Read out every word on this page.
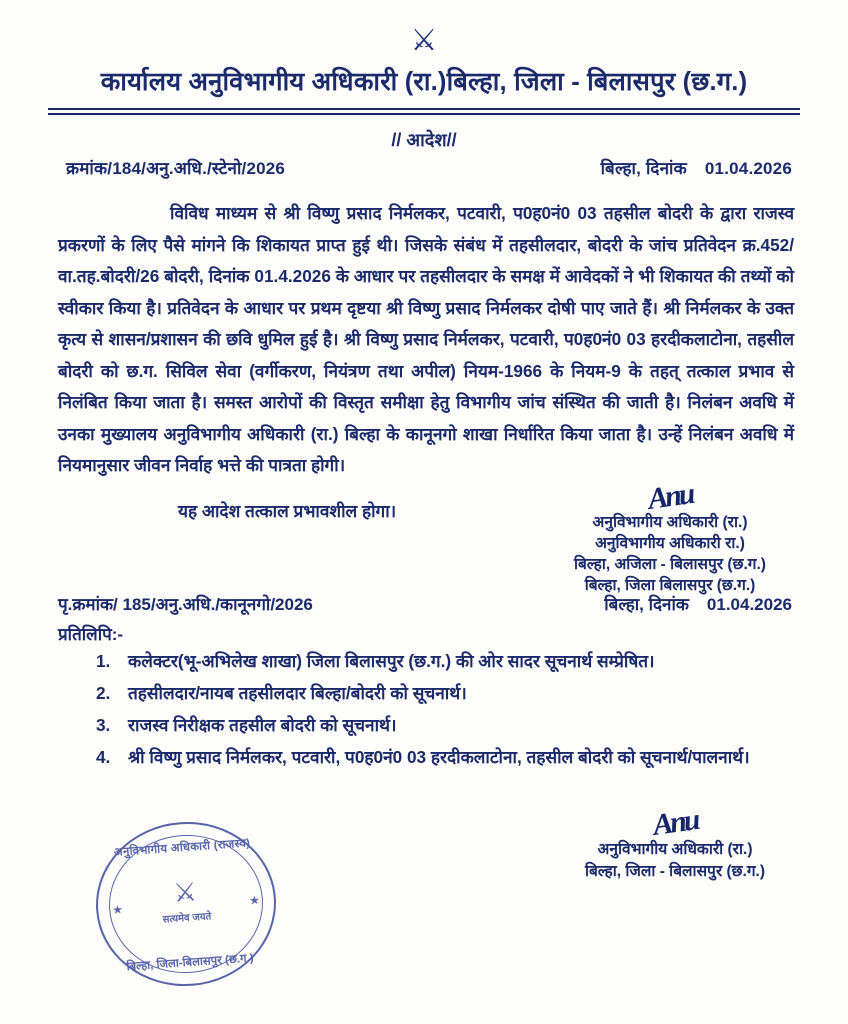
⚔
कार्यालय अनुविभागीय अधिकारी (रा.)बिल्हा, जिला - बिलासपुर (छ.ग.)
// आदेश//
क्रमांक/184/अनु.अधि./स्टेनो/2026	बिल्हा, दिनांक 01.04.2026
विविध माध्यम से श्री विष्णु प्रसाद निर्मलकर, पटवारी, प0ह0नं0 03 तहसील बोदरी के द्वारा राजस्व प्रकरणों के लिए पैसे मांगने कि शिकायत प्राप्त हुई थी। जिसके संबंध में तहसीलदार, बोदरी के जांच प्रतिवेदन क्र.452/वा.तह.बोदरी/26 बोदरी, दिनांक 01.4.2026 के आधार पर तहसीलदार के समक्ष में आवेदकों ने भी शिकायत की तथ्यों को स्वीकार किया है। प्रतिवेदन के आधार पर प्रथम दृष्टया श्री विष्णु प्रसाद निर्मलकर दोषी पाए जाते हैं। श्री निर्मलकर के उक्त कृत्य से शासन/प्रशासन की छवि धुमिल हुई है। श्री विष्णु प्रसाद निर्मलकर, पटवारी, प0ह0नं0 03 हरदीकलाटोना, तहसील बोदरी को छ.ग. सिविल सेवा (वर्गीकरण, नियंत्रण तथा अपील) नियम-1966 के नियम-9 के तहत् तत्काल प्रभाव से निलंबित किया जाता है। समस्त आरोपों की विस्तृत समीक्षा हेतु विभागीय जांच संस्थित की जाती है। निलंबन अवधि में उनका मुख्यालय अनुविभागीय अधिकारी (रा.) बिल्हा के कानूनगो शाखा निर्धारित किया जाता है। उन्हें निलंबन अवधि में नियमानुसार जीवन निर्वाह भत्ते की पात्रता होगी।
यह आदेश तत्काल प्रभावशील होगा।	Anu
अनुविभागीय अधिकारी (रा.)
अनुविभागीय अधिकारी रा.)
बिल्हा, अजिला - बिलासपुर (छ.ग.)
बिल्हा, जिला बिलासपुर (छ.ग.)
पृ.क्रमांक/ 185/अनु.अधि./कानूनगो/2026	बिल्हा, दिनांक 01.04.2026
प्रतिलिपि:-
1.	कलेक्टर(भू-अभिलेख शाखा) जिला बिलासपुर (छ.ग.) की ओर सादर सूचनार्थ सम्प्रेषित।
2.	तहसीलदार/नायब तहसीलदार बिल्हा/बोदरी को सूचनार्थ।
3.	राजस्व निरीक्षक तहसील बोदरी को सूचनार्थ।
4.	श्री विष्णु प्रसाद निर्मलकर, पटवारी, प0ह0नं0 03 हरदीकलाटोना, तहसील बोदरी को सूचनार्थ/पालनार्थ।
अनुविभागीय अधिकारी (राजस्व)
★
★
⚔
सत्यमेव जयते
बिल्हा, जिला-बिलासपुर (छ.ग.)
Anu
अनुविभागीय अधिकारी (रा.)
बिल्हा, जिला - बिलासपुर (छ.ग.)
